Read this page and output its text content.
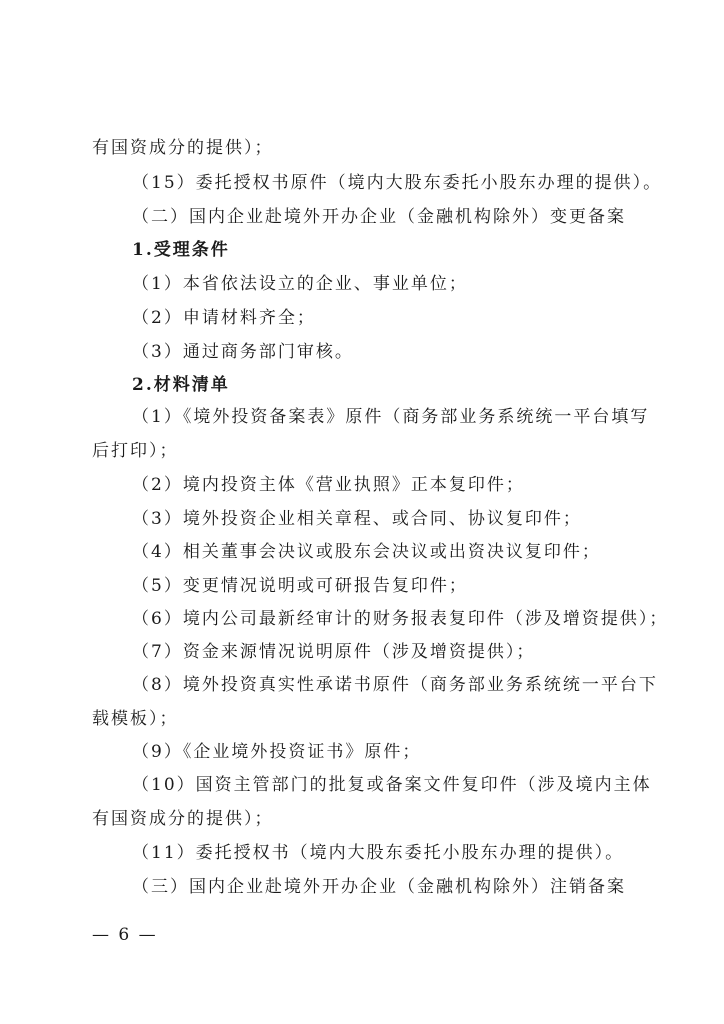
有国资成分的提供）；
（15）委托授权书原件（境内大股东委托小股东办理的提供）。
（二）国内企业赴境外开办企业（金融机构除外）变更备案
1.受理条件
（1）本省依法设立的企业、事业单位；
（2）申请材料齐全；
（3）通过商务部门审核。
2.材料清单
（1）《境外投资备案表》原件（商务部业务系统统一平台填写
后打印）；
（2）境内投资主体《营业执照》正本复印件；
（3）境外投资企业相关章程、或合同、协议复印件；
（4）相关董事会决议或股东会决议或出资决议复印件；
（5）变更情况说明或可研报告复印件；
（6）境内公司最新经审计的财务报表复印件（涉及增资提供）；
（7）资金来源情况说明原件（涉及增资提供）；
（8）境外投资真实性承诺书原件（商务部业务系统统一平台下
载模板）；
（9）《企业境外投资证书》原件；
（10）国资主管部门的批复或备案文件复印件（涉及境内主体
有国资成分的提供）；
（11）委托授权书（境内大股东委托小股东办理的提供）。
（三）国内企业赴境外开办企业（金融机构除外）注销备案
— 6 —
